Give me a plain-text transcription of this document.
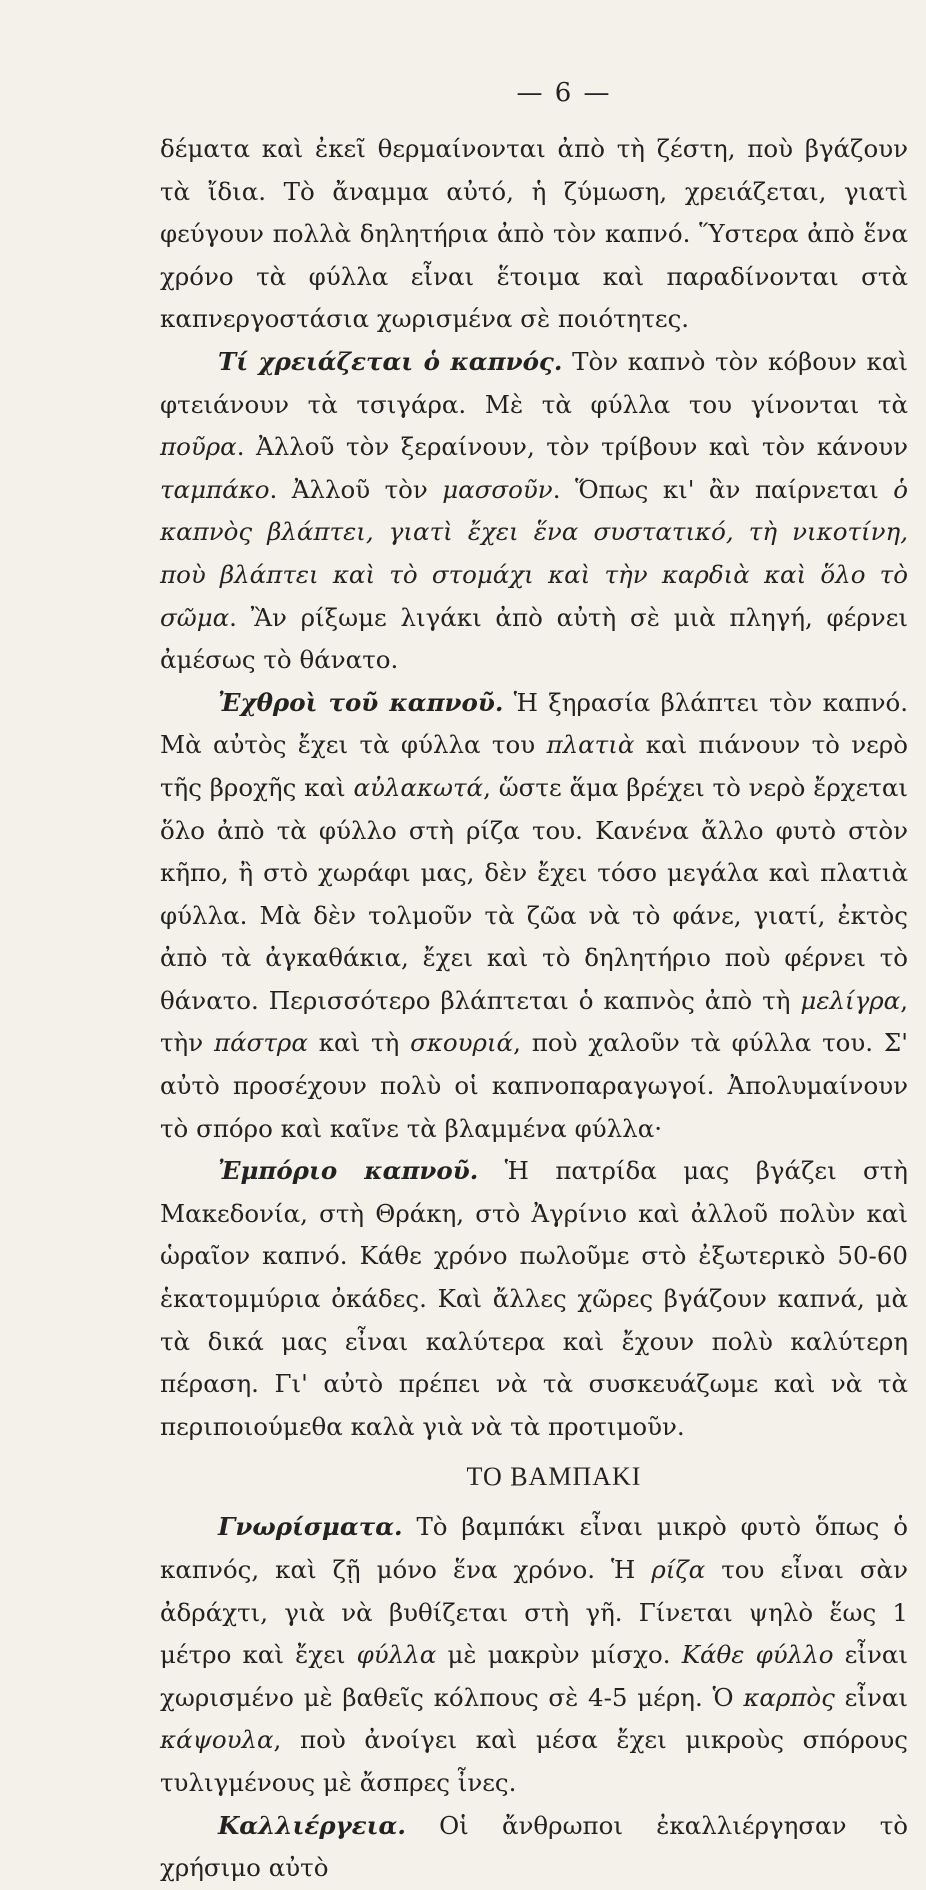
— 6 —

δέματα καὶ ἐκεῖ θερμαίνονται ἀπὸ τὴ ζέστη, ποὺ βγάζουν τὰ ἴδια. Τὸ ἄναμμα αὐτό, ἡ ζύμωση, χρειάζεται, γιατὶ φεύγουν πολλὰ δηλητήρια ἀπὸ τὸν καπνό. Ὕστερα ἀπὸ ἕνα χρόνο τὰ φύλλα εἶναι ἕτοιμα καὶ παραδίνονται στὰ καπνεργοστάσια χωρισμένα σὲ ποιότητες.

Τί χρειάζεται ὁ καπνός. Τὸν καπνὸ τὸν κόβουν καὶ φτειάνουν τὰ τσιγάρα. Μὲ τὰ φύλλα του γίνονται τὰ ποῦρα. Ἀλλοῦ τὸν ξεραίνουν, τὸν τρίβουν καὶ τὸν κάνουν ταμπάκο. Ἀλλοῦ τὸν μασσοῦν. Ὅπως κι' ἂν παίρνεται ὁ καπνὸς βλάπτει, γιατὶ ἔχει ἕνα συστατικό, τὴ νικοτίνη, ποὺ βλάπτει καὶ τὸ στομάχι καὶ τὴν καρδιὰ καὶ ὅλο τὸ σῶμα. Ἂν ρίξωμε λιγάκι ἀπὸ αὐτὴ σὲ μιὰ πληγή, φέρνει ἀμέσως τὸ θάνατο.

Ἐχθροὶ τοῦ καπνοῦ. Ἡ ξηρασία βλάπτει τὸν καπνό. Μὰ αὐτὸς ἔχει τὰ φύλλα του πλατιὰ καὶ πιάνουν τὸ νερὸ τῆς βροχῆς καὶ αὐλακωτά, ὥστε ἅμα βρέχει τὸ νερὸ ἔρχεται ὅλο ἀπὸ τὰ φύλλο στὴ ρίζα του. Κανένα ἄλλο φυτὸ στὸν κῆπο, ἢ στὸ χωράφι μας, δὲν ἔχει τόσο μεγάλα καὶ πλατιὰ φύλλα. Μὰ δὲν τολμοῦν τὰ ζῶα νὰ τὸ φάνε, γιατί, ἐκτὸς ἀπὸ τὰ ἀγκαθάκια, ἔχει καὶ τὸ δηλητήριο ποὺ φέρνει τὸ θάνατο. Περισσότερο βλάπτεται ὁ καπνὸς ἀπὸ τὴ μελίγρα, τὴν πάστρα καὶ τὴ σκουριά, ποὺ χαλοῦν τὰ φύλλα του. Σ' αὐτὸ προσέχουν πολὺ οἱ καπνοπαραγωγοί. Ἀπολυμαίνουν τὸ σπόρο καὶ καῖνε τὰ βλαμμένα φύλλα·

Ἐμπόριο καπνοῦ. Ἡ πατρίδα μας βγάζει στὴ Μακεδονία, στὴ Θράκη, στὸ Ἀγρίνιο καὶ ἀλλοῦ πολὺν καὶ ὡραῖον καπνό. Κάθε χρόνο πωλοῦμε στὸ ἐξωτερικὸ 50-60 ἑκατομμύρια ὀκάδες. Καὶ ἄλλες χῶρες βγάζουν καπνά, μὰ τὰ δικά μας εἶναι καλύτερα καὶ ἔχουν πολὺ καλύτερη πέραση. Γι' αὐτὸ πρέπει νὰ τὰ συσκευάζωμε καὶ νὰ τὰ περιποιούμεθα καλὰ γιὰ νὰ τὰ προτιμοῦν.

ΤΟ ΒΑΜΠΑΚΙ

Γνωρίσματα. Τὸ βαμπάκι εἶναι μικρὸ φυτὸ ὅπως ὁ καπνός, καὶ ζῇ μόνο ἕνα χρόνο. Ἡ ρίζα του εἶναι σὰν ἀδράχτι, γιὰ νὰ βυθίζεται στὴ γῆ. Γίνεται ψηλὸ ἕως 1 μέτρο καὶ ἔχει φύλλα μὲ μακρὺν μίσχο. Κάθε φύλλο εἶναι χωρισμένο μὲ βαθεῖς κόλπους σὲ 4-5 μέρη. Ὁ καρπὸς εἶναι κάψουλα, ποὺ ἀνοίγει καὶ μέσα ἔχει μικροὺς σπόρους τυλιγμένους μὲ ἄσπρες ἶνες.

Καλλιέργεια. Οἱ ἄνθρωποι ἐκαλλιέργησαν τὸ χρήσιμο αὐτὸ
